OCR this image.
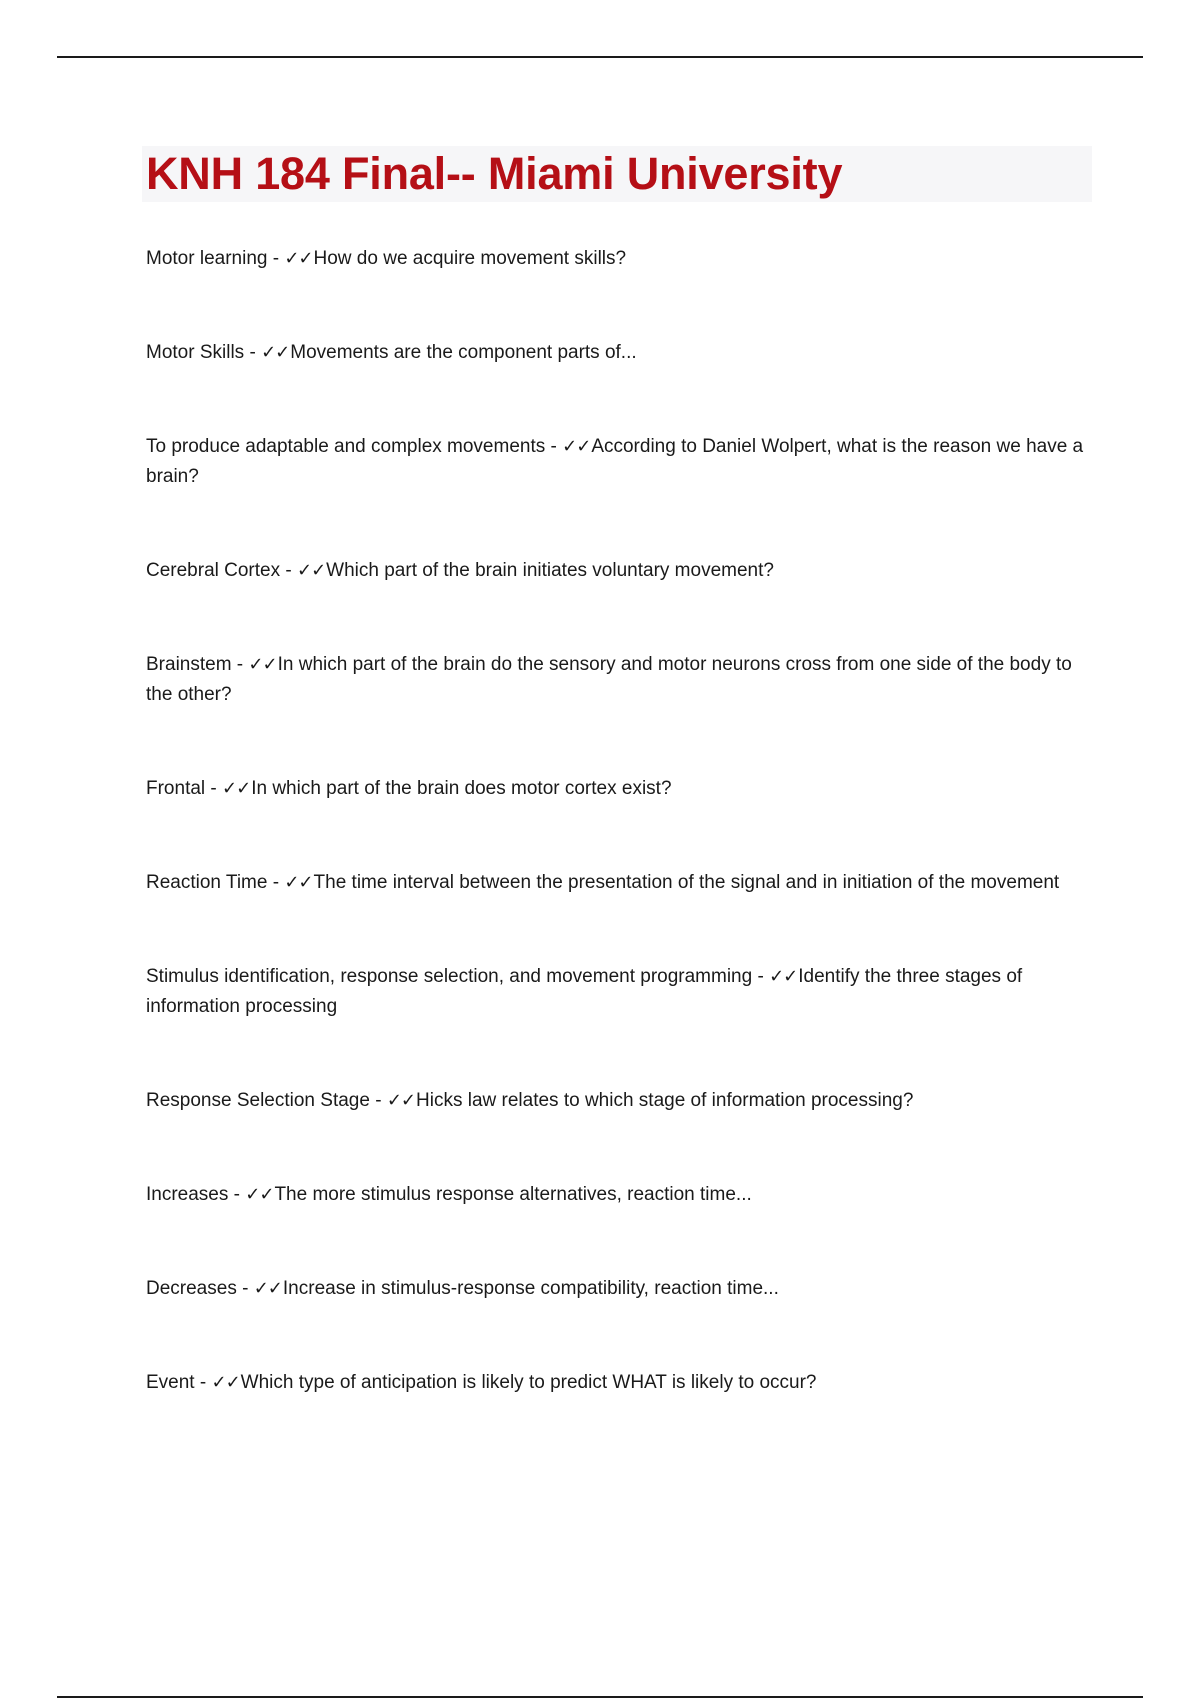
KNH 184 Final-- Miami University
Motor learning - ✓✓How do we acquire movement skills?
Motor Skills - ✓✓Movements are the component parts of...
To produce adaptable and complex movements - ✓✓According to Daniel Wolpert, what is the reason we have a brain?
Cerebral Cortex - ✓✓Which part of the brain initiates voluntary movement?
Brainstem - ✓✓In which part of the brain do the sensory and motor neurons cross from one side of the body to the other?
Frontal - ✓✓In which part of the brain does motor cortex exist?
Reaction Time - ✓✓The time interval between the presentation of the signal and in initiation of the movement
Stimulus identification, response selection, and movement programming - ✓✓Identify the three stages of information processing
Response Selection Stage - ✓✓Hicks law relates to which stage of information processing?
Increases - ✓✓The more stimulus response alternatives, reaction time...
Decreases - ✓✓Increase in stimulus-response compatibility, reaction time...
Event - ✓✓Which type of anticipation is likely to predict WHAT is likely to occur?
